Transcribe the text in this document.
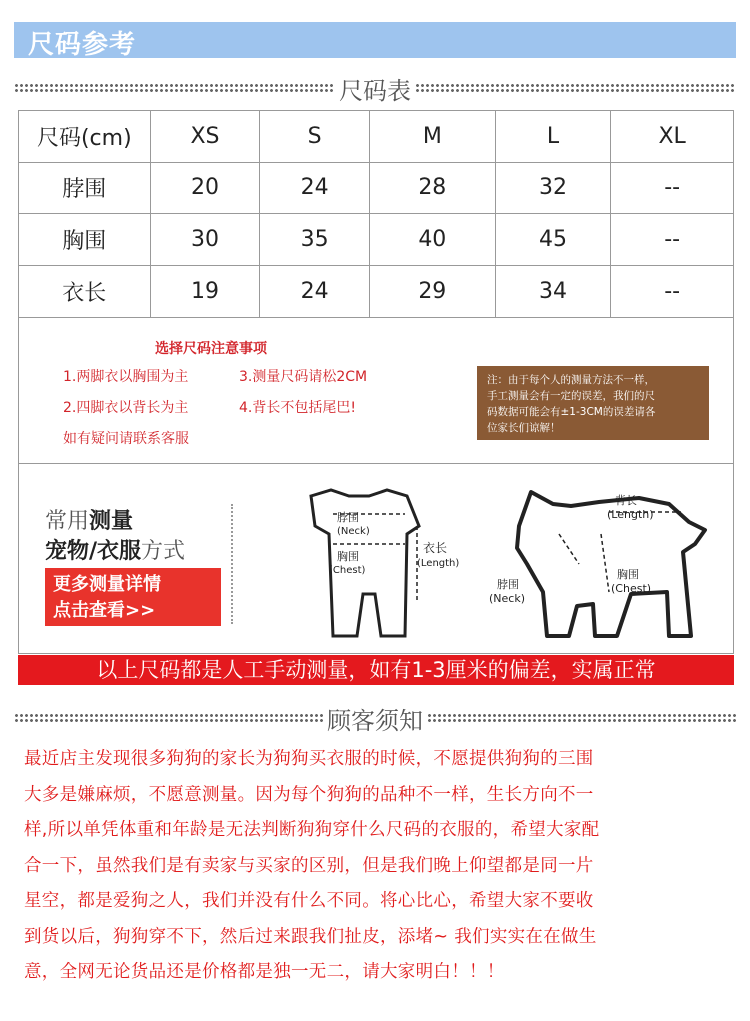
尺码参考
尺码表
尺码(cm)	XS	S	M	L	XL
脖围	20	24	28	32	--
胸围	30	35	40	45	--
衣长	19	24	29	34	--
选择尺码注意事项
1.两脚衣以胸围为主	3.测量尺码请松2CM
2.四脚衣以背长为主	4.背长不包括尾巴!
如有疑问请联系客服
注：由于每个人的测量方法不一样，
手工测量会有一定的误差，我们的尺
码数据可能会有±1-3CM的误差请各
位家长们谅解！
常用测量
宠物/衣服方式
更多测量详情
点击查看>>
脖围
(Neck)
胸围
(Chest)
衣长
(Length)
背长
(Length)
脖围
(Neck)
胸围
(Chest)
以上尺码都是人工手动测量，如有1-3厘米的偏差，实属正常
顾客须知
最近店主发现很多狗狗的家长为狗狗买衣服的时候，不愿提供狗狗的三围
大多是嫌麻烦，不愿意测量。因为每个狗狗的品种不一样，生长方向不一
样,所以单凭体重和年龄是无法判断狗狗穿什么尺码的衣服的，希望大家配
合一下，虽然我们是有卖家与买家的区别，但是我们晚上仰望都是同一片
星空，都是爱狗之人，我们并没有什么不同。将心比心，希望大家不要收
到货以后，狗狗穿不下，然后过来跟我们扯皮，添堵~ 我们实实在在做生
意，全网无论货品还是价格都是独一无二，请大家明白！！！
